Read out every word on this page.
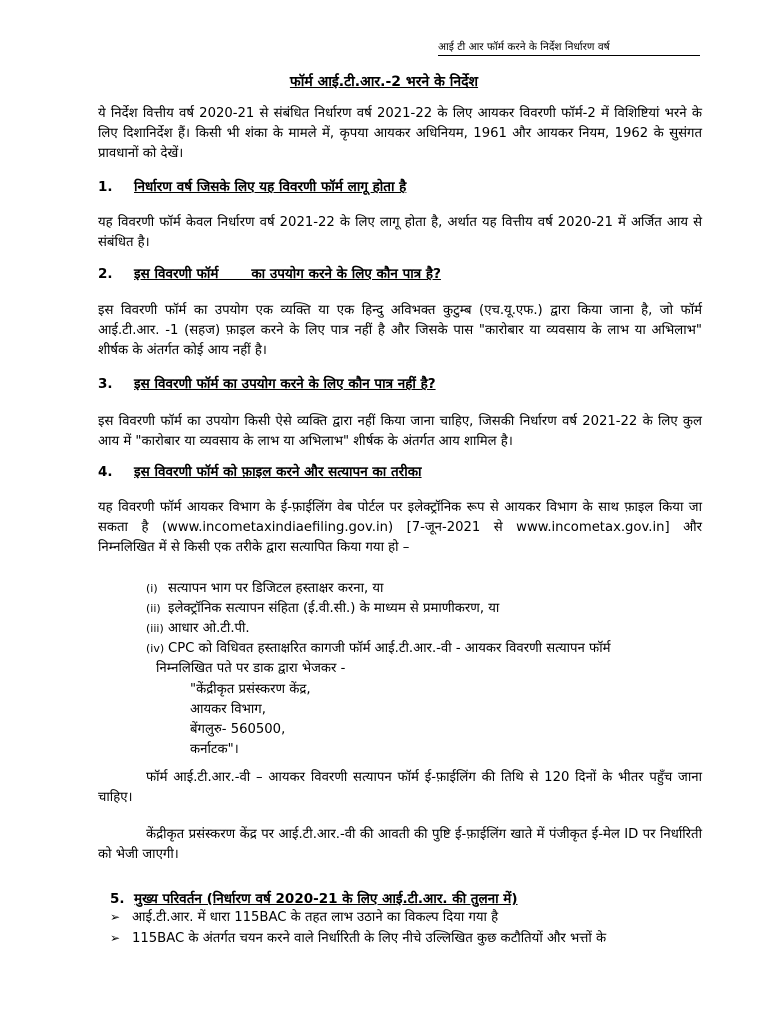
आई टी आर फॉर्म करने के निर्देश निर्धारण वर्ष
फॉर्म आई.टी.आर.-2 भरने के निर्देश
ये निर्देश वित्तीय वर्ष 2020-21 से संबंधित निर्धारण वर्ष 2021-22 के लिए आयकर विवरणी फॉर्म-2 में विशिष्टियां भरने के लिए दिशानिर्देश हैं। किसी भी शंका के मामले में, कृपया आयकर अधिनियम, 1961 और आयकर नियम, 1962 के सुसंगत प्रावधानों को देखें।
1. निर्धारण वर्ष जिसके लिए यह विवरणी फॉर्म लागू होता है
यह विवरणी फॉर्म केवल निर्धारण वर्ष 2021-22 के लिए लागू होता है, अर्थात यह वित्तीय वर्ष 2020-21 में अर्जित आय से संबंधित है।
2. इस विवरणी फॉर्म       का उपयोग करने के लिए कौन पात्र है?
इस विवरणी फॉर्म का उपयोग एक व्यक्ति या एक हिन्दु अविभक्त कुटुम्ब (एच.यू.एफ.) द्वारा किया जाना है, जो फॉर्म आई.टी.आर. -1 (सहज) फ़ाइल करने के लिए पात्र नहीं है और जिसके पास "कारोबार या व्यवसाय के लाभ या अभिलाभ" शीर्षक के अंतर्गत कोई आय नहीं है।
3. इस विवरणी फॉर्म का उपयोग करने के लिए कौन पात्र नहीं है?
इस विवरणी फॉर्म का उपयोग किसी ऐसे व्यक्ति द्वारा नहीं किया जाना चाहिए, जिसकी निर्धारण वर्ष 2021-22 के लिए कुल आय में "कारोबार या व्यवसाय के लाभ या अभिलाभ" शीर्षक के अंतर्गत आय शामिल है।
4. इस विवरणी फॉर्म को फ़ाइल करने और सत्यापन का तरीका
यह विवरणी फॉर्म आयकर विभाग के ई-फ़ाईलिंग वेब पोर्टल पर इलेक्ट्रॉनिक रूप से आयकर विभाग के साथ फ़ाइल किया जा सकता है (www.incometaxindiaefiling.gov.in) [7-जून-2021 से www.incometax.gov.in] और निम्नलिखित में से किसी एक तरीके द्वारा सत्यापित किया गया हो –
(i) सत्यापन भाग पर डिजिटल हस्ताक्षर करना, या
(ii) इलेक्ट्रॉनिक सत्यापन संहिता (ई.वी.सी.) के माध्यम से प्रमाणीकरण, या
(iii) आधार ओ.टी.पी.
(iv) CPC को विधिवत हस्ताक्षरित कागजी फॉर्म आई.टी.आर.-वी - आयकर विवरणी सत्यापन फॉर्म
निम्नलिखित पते पर डाक द्वारा भेजकर -
"केंद्रीकृत प्रसंस्करण केंद्र,
आयकर विभाग,
बेंगलुरु- 560500,
कर्नाटक"।
फॉर्म आई.टी.आर.-वी – आयकर विवरणी सत्यापन फॉर्म ई-फ़ाईलिंग की तिथि से 120 दिनों के भीतर पहुँच जाना चाहिए।
केंद्रीकृत प्रसंस्करण केंद्र पर आई.टी.आर.-वी की आवती की पुष्टि ई-फ़ाईलिंग खाते में पंजीकृत ई-मेल ID पर निर्धारिती को भेजी जाएगी।
5. मुख्य परिवर्तन (निर्धारण वर्ष 2020-21 के लिए आई.टी.आर. की तुलना में)
➢ आई.टी.आर. में धारा 115BAC के तहत लाभ उठाने का विकल्प दिया गया है
➢ 115BAC के अंतर्गत चयन करने वाले निर्धारिती के लिए नीचे उल्लिखित कुछ कटौतियों और भत्तों के
